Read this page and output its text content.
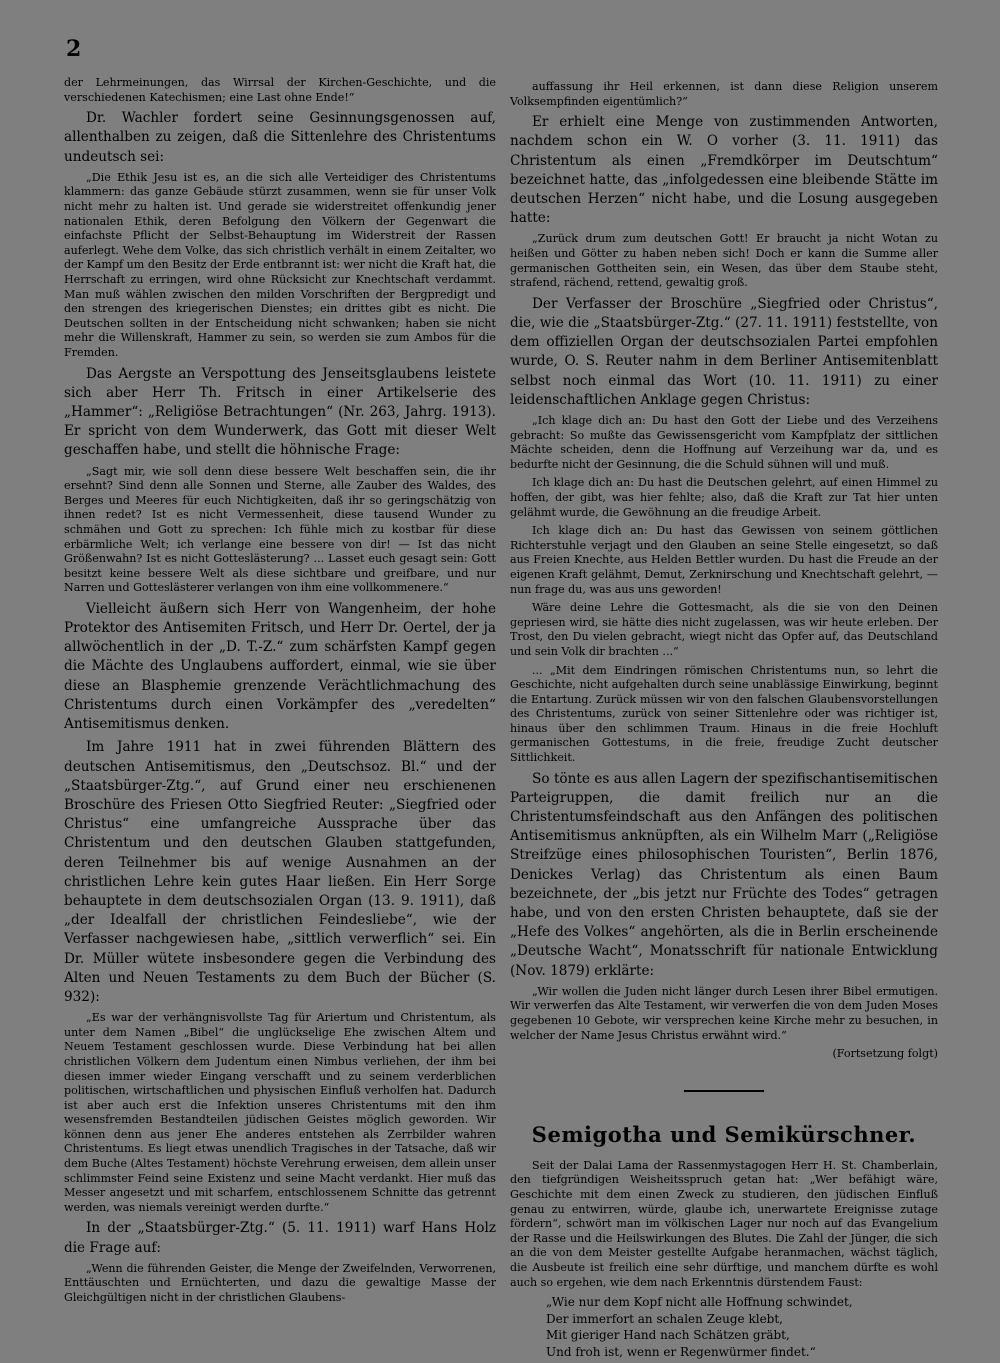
2

der Lehrmeinungen, das Wirrsal der Kirchen-Geschichte, und die verschiedenen Katechismen; eine Last ohne Ende!“

Dr. Wachler fordert seine Gesinnungsgenossen auf, allenthalben zu zeigen, daß die Sittenlehre des Christentums undeutsch sei:

„Die Ethik Jesu ist es, an die sich alle Verteidiger des Christentums klammern: das ganze Gebäude stürzt zusammen, wenn sie für unser Volk nicht mehr zu halten ist. Und gerade sie widerstreitet offenkundig jener nationalen Ethik, deren Befolgung den Völkern der Gegenwart die einfachste Pflicht der Selbst-Behauptung im Widerstreit der Rassen auferlegt. Wehe dem Volke, das sich christlich verhält in einem Zeitalter, wo der Kampf um den Besitz der Erde entbrannt ist: wer nicht die Kraft hat, die Herrschaft zu erringen, wird ohne Rücksicht zur Knechtschaft verdammt. Man muß wählen zwischen den milden Vorschriften der Bergpredigt und den strengen des kriegerischen Dienstes; ein drittes gibt es nicht. Die Deutschen sollten in der Entscheidung nicht schwanken; haben sie nicht mehr die Willenskraft, Hammer zu sein, so werden sie zum Ambos für die Fremden.

Das Aergste an Verspottung des Jenseitsglaubens leistete sich aber Herr Th. Fritsch in einer Artikelserie des „Hammer“: „Religiöse Betrachtungen“ (Nr. 263, Jahrg. 1913). Er spricht von dem Wunderwerk, das Gott mit dieser Welt geschaffen habe, und stellt die höhnische Frage:

„Sagt mir, wie soll denn diese bessere Welt beschaffen sein, die ihr ersehnt? Sind denn alle Sonnen und Sterne, alle Zauber des Waldes, des Berges und Meeres für euch Nichtigkeiten, daß ihr so geringschätzig von ihnen redet? Ist es nicht Vermessenheit, diese tausend Wunder zu schmähen und Gott zu sprechen: Ich fühle mich zu kostbar für diese erbärmliche Welt; ich verlange eine bessere von dir! — Ist das nicht Größenwahn? Ist es nicht Gotteslästerung? ... Lasset euch gesagt sein: Gott besitzt keine bessere Welt als diese sichtbare und greifbare, und nur Narren und Gotteslästerer verlangen von ihm eine vollkommenere.“

Vielleicht äußern sich Herr von Wangenheim, der hohe Protektor des Antisemiten Fritsch, und Herr Dr. Oertel, der ja allwöchentlich in der „D. T.-Z.“ zum schärfsten Kampf gegen die Mächte des Unglaubens auffordert, einmal, wie sie über diese an Blasphemie grenzende Verächtlichmachung des Christentums durch einen Vorkämpfer des „veredelten“ Antisemitismus denken.

Im Jahre 1911 hat in zwei führenden Blättern des deutschen Antisemitismus, den „Deutschsoz. Bl.“ und der „Staatsbürger-Ztg.“, auf Grund einer neu erschienenen Broschüre des Friesen Otto Siegfried Reuter: „Siegfried oder Christus“ eine umfangreiche Aussprache über das Christentum und den deutschen Glauben stattgefunden, deren Teilnehmer bis auf wenige Ausnahmen an der christlichen Lehre kein gutes Haar ließen. Ein Herr Sorge behauptete in dem deutschsozialen Organ (13. 9. 1911), daß „der Idealfall der christlichen Feindesliebe“, wie der Verfasser nachgewiesen habe, „sittlich verwerflich“ sei. Ein Dr. Müller wütete insbesondere gegen die Verbindung des Alten und Neuen Testaments zu dem Buch der Bücher (S. 932):

„Es war der verhängnisvollste Tag für Ariertum und Christentum, als unter dem Namen „Bibel“ die unglückselige Ehe zwischen Altem und Neuem Testament geschlossen wurde. Diese Verbindung hat bei allen christlichen Völkern dem Judentum einen Nimbus verliehen, der ihm bei diesen immer wieder Eingang verschafft und zu seinem verderblichen politischen, wirtschaftlichen und physischen Einfluß verholfen hat. Dadurch ist aber auch erst die Infektion unseres Christentums mit den ihm wesensfremden Bestandteilen jüdischen Geistes möglich geworden. Wir können denn aus jener Ehe anderes entstehen als Zerrbilder wahren Christentums. Es liegt etwas unendlich Tragisches in der Tatsache, daß wir dem Buche (Altes Testament) höchste Verehrung erweisen, dem allein unser schlimmster Feind seine Existenz und seine Macht verdankt. Hier muß das Messer angesetzt und mit scharfem, entschlossenem Schnitte das getrennt werden, was niemals vereinigt werden durfte.“

In der „Staatsbürger-Ztg.“ (5. 11. 1911) warf Hans Holz die Frage auf:

„Wenn die führenden Geister, die Menge der Zweifelnden, Verworrenen, Enttäuschten und Ernüchterten, und dazu die gewaltige Masse der Gleichgültigen nicht in der christlichen Glaubens-

auffassung ihr Heil erkennen, ist dann diese Religion unserem Volksempfinden eigentümlich?“

Er erhielt eine Menge von zustimmenden Antworten, nachdem schon ein W. O vorher (3. 11. 1911) das Christentum als einen „Fremdkörper im Deutschtum“ bezeichnet hatte, das „infolgedessen eine bleibende Stätte im deutschen Herzen“ nicht habe, und die Losung ausgegeben hatte:

„Zurück drum zum deutschen Gott! Er braucht ja nicht Wotan zu heißen und Götter zu haben neben sich! Doch er kann die Summe aller germanischen Gottheiten sein, ein Wesen, das über dem Staube steht, strafend, rächend, rettend, gewaltig groß.

Der Verfasser der Broschüre „Siegfried oder Christus“, die, wie die „Staatsbürger-Ztg.“ (27. 11. 1911) feststellte, von dem offiziellen Organ der deutschsozialen Partei empfohlen wurde, O. S. Reuter nahm in dem Berliner Antisemitenblatt selbst noch einmal das Wort (10. 11. 1911) zu einer leidenschaftlichen Anklage gegen Christus:

„Ich klage dich an: Du hast den Gott der Liebe und des Verzeihens gebracht: So mußte das Gewissensgericht vom Kampfplatz der sittlichen Mächte scheiden, denn die Hoffnung auf Verzeihung war da, und es bedurfte nicht der Gesinnung, die die Schuld sühnen will und muß.

Ich klage dich an: Du hast die Deutschen gelehrt, auf einen Himmel zu hoffen, der gibt, was hier fehlte; also, daß die Kraft zur Tat hier unten gelähmt wurde, die Gewöhnung an die freudige Arbeit.

Ich klage dich an: Du hast das Gewissen von seinem göttlichen Richterstuhle verjagt und den Glauben an seine Stelle eingesetzt, so daß aus Freien Knechte, aus Helden Bettler wurden. Du hast die Freude an der eigenen Kraft gelähmt, Demut, Zerknirschung und Knechtschaft gelehrt, — nun frage du, was aus uns geworden!

Wäre deine Lehre die Gottesmacht, als die sie von den Deinen gepriesen wird, sie hätte dies nicht zugelassen, was wir heute erleben. Der Trost, den Du vielen gebracht, wiegt nicht das Opfer auf, das Deutschland und sein Volk dir brachten ...“

... „Mit dem Eindringen römischen Christentums nun, so lehrt die Geschichte, nicht aufgehalten durch seine unablässige Einwirkung, beginnt die Entartung. Zurück müssen wir von den falschen Glaubensvorstellungen des Christentums, zurück von seiner Sittenlehre oder was richtiger ist, hinaus über den schlimmen Traum. Hinaus in die freie Hochluft germanischen Gottestums, in die freie, freudige Zucht deutscher Sittlichkeit.

So tönte es aus allen Lagern der spezifischantisemitischen Parteigruppen, die damit freilich nur an die Christentumsfeindschaft aus den Anfängen des politischen Antisemitismus anknüpften, als ein Wilhelm Marr („Religiöse Streifzüge eines philosophischen Touristen“, Berlin 1876, Denickes Verlag) das Christentum als einen Baum bezeichnete, der „bis jetzt nur Früchte des Todes“ getragen habe, und von den ersten Christen behauptete, daß sie der „Hefe des Volkes“ angehörten, als die in Berlin erscheinende „Deutsche Wacht“, Monatsschrift für nationale Entwicklung (Nov. 1879) erklärte:

„Wir wollen die Juden nicht länger durch Lesen ihrer Bibel ermutigen. Wir verwerfen das Alte Testament, wir verwerfen die von dem Juden Moses gegebenen 10 Gebote, wir versprechen keine Kirche mehr zu besuchen, in welcher der Name Jesus Christus erwähnt wird.“

(Fortsetzung folgt)

Semigotha und Semikürschner.

Seit der Dalai Lama der Rassenmystagogen Herr H. St. Chamberlain, den tiefgründigen Weisheitsspruch getan hat: „Wer befähigt wäre, Geschichte mit dem einen Zweck zu studieren, den jüdischen Einfluß genau zu entwirren, würde, glaube ich, unerwartete Ereignisse zutage fördern“, schwört man im völkischen Lager nur noch auf das Evangelium der Rasse und die Heilswirkungen des Blutes. Die Zahl der Jünger, die sich an die von dem Meister gestellte Aufgabe heranmachen, wächst täglich, die Ausbeute ist freilich eine sehr dürftige, und manchem dürfte es wohl auch so ergehen, wie dem nach Erkenntnis dürstendem Faust:

„Wie nur dem Kopf nicht alle Hoffnung schwindet,
Der immerfort an schalen Zeuge klebt,
Mit gieriger Hand nach Schätzen gräbt,
Und froh ist, wenn er Regenwürmer findet.“
